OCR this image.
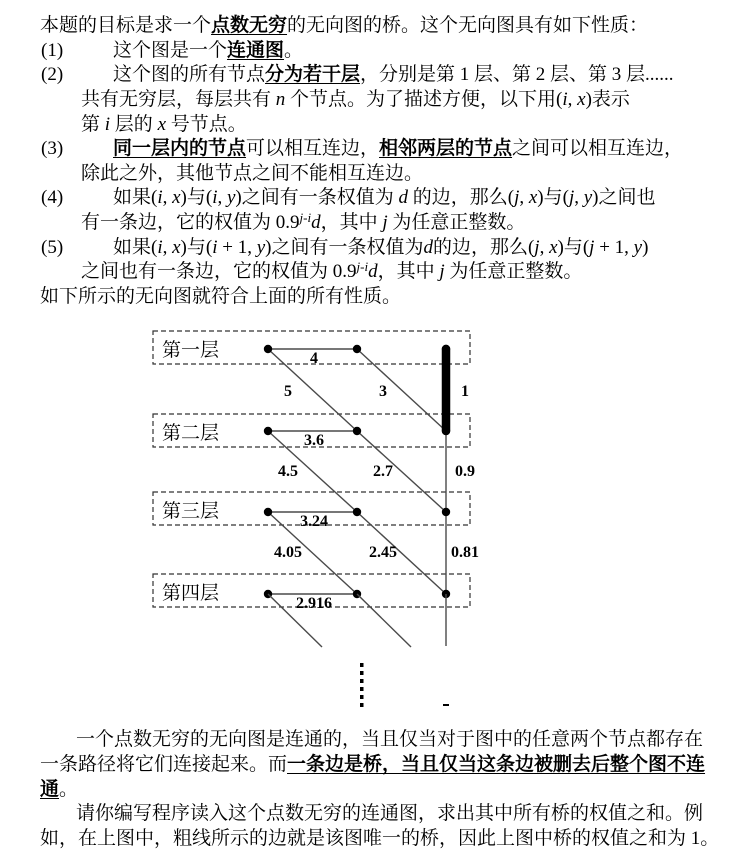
第一层	4
第二层	3.6
第三层	3.24
第四层	2.916
5	3	1
4.5	2.7	0.9
4.05	2.45	0.81
本题的目标是求一个点数无穷的无向图的桥。这个无向图具有如下性质：
(1)	这个图是一个连通图。
(2)	这个图的所有节点分为若干层，分别是第 1 层、第 2 层、第 3 层......
共有无穷层，每层共有 n 个节点。为了描述方便，以下用(i, x)表示
第 i 层的 x 号节点。
(3)	同一层内的节点可以相互连边，相邻两层的节点之间可以相互连边，
除此之外，其他节点之间不能相互连边。
(4)	如果(i, x)与(i, y)之间有一条权值为 d 的边，那么(j, x)与(j, y)之间也
有一条边，它的权值为 0.9$^{j-i}$d，其中 j 为任意正整数。
(5)	如果(i, x)与(i + 1, y)之间有一条权值为d的边，那么(j, x)与(j + 1, y)
之间也有一条边，它的权值为 0.9$^{j-i}$d，其中 j 为任意正整数。
如下所示的无向图就符合上面的所有性质。
一个点数无穷的无向图是连通的，当且仅当对于图中的任意两个节点都存在
一条路径将它们连接起来。而一条边是桥，当且仅当这条边被删去后整个图不连
通。
请你编写程序读入这个点数无穷的连通图，求出其中所有桥的权值之和。例
如，在上图中，粗线所示的边就是该图唯一的桥，因此上图中桥的权值之和为 1。
